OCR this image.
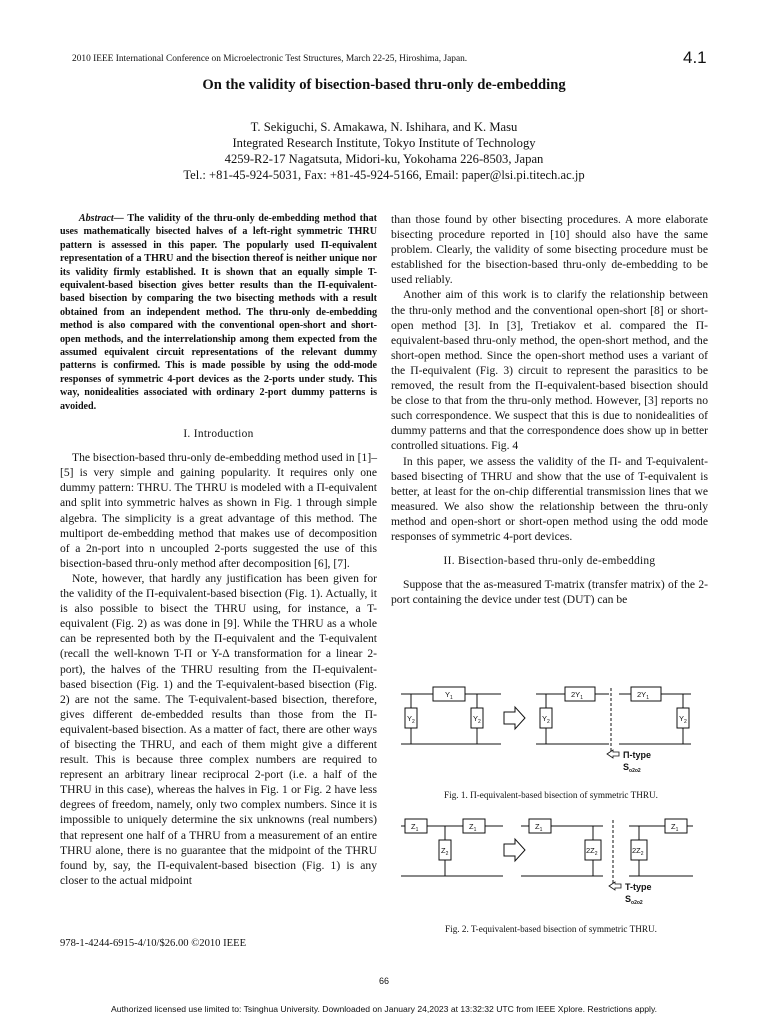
2010 IEEE International Conference on Microelectronic Test Structures, March 22-25, Hiroshima, Japan.	4.1
On the validity of bisection-based thru-only de-embedding
T. Sekiguchi, S. Amakawa, N. Ishihara, and K. Masu
Integrated Research Institute, Tokyo Institute of Technology
4259-R2-17 Nagatsuta, Midori-ku, Yokohama 226-8503, Japan
Tel.: +81-45-924-5031, Fax: +81-45-924-5166, Email: paper@lsi.pi.titech.ac.jp
Abstract— The validity of the thru-only de-embedding method that uses mathematically bisected halves of a left-right symmetric THRU pattern is assessed in this paper. The popularly used Π-equivalent representation of a THRU and the bisection thereof is neither unique nor its validity firmly established. It is shown that an equally simple T-equivalent-based bisection gives better results than the Π-equivalent-based bisection by comparing the two bisecting methods with a result obtained from an independent method. The thru-only de-embedding method is also compared with the conventional open-short and short-open methods, and the interrelationship among them expected from the assumed equivalent circuit representations of the relevant dummy patterns is confirmed. This is made possible by using the odd-mode responses of symmetric 4-port devices as the 2-ports under study. This way, nonidealities associated with ordinary 2-port dummy patterns is avoided.
I. Introduction

The bisection-based thru-only de-embedding method used in [1]–[5] is very simple and gaining popularity. It requires only one dummy pattern: THRU. The THRU is modeled with a Π-equivalent and split into symmetric halves as shown in Fig. 1 through simple algebra. The simplicity is a great advantage of this method. The multiport de-embedding method that makes use of decomposition of a 2n-port into n uncoupled 2-ports suggested the use of this bisection-based thru-only method after decomposition [6], [7].

Note, however, that hardly any justification has been given for the validity of the Π-equivalent-based bisection (Fig. 1). Actually, it is also possible to bisect the THRU using, for instance, a T-equivalent (Fig. 2) as was done in [9]. While the THRU as a whole can be represented both by the Π-equivalent and the T-equivalent (recall the well-known T-Π or Y-Δ transformation for a linear 2-port), the halves of the THRU resulting from the Π-equivalent-based bisection (Fig. 1) and the T-equivalent-based bisection (Fig. 2) are not the same. The T-equivalent-based bisection, therefore, gives different de-embedded results than those from the Π-equivalent-based bisection. As a matter of fact, there are other ways of bisecting the THRU, and each of them might give a different result. This is because three complex numbers are required to represent an arbitrary linear reciprocal 2-port (i.e. a half of the THRU in this case), whereas the halves in Fig. 1 or Fig. 2 have less degrees of freedom, namely, only two complex numbers. Since it is impossible to uniquely determine the six unknowns (real numbers) that represent one half of a THRU from a measurement of an entire THRU alone, there is no guarantee that the midpoint of the THRU found by, say, the Π-equivalent-based bisection (Fig. 1) is any closer to the actual midpoint

than those found by other bisecting procedures. A more elaborate bisecting procedure reported in [10] should also have the same problem. Clearly, the validity of some bisecting procedure must be established for the bisection-based thru-only de-embedding to be used reliably.

Another aim of this work is to clarify the relationship between the thru-only method and the conventional open-short [8] or short-open method [3]. In [3], Tretiakov et al. compared the Π-equivalent-based thru-only method, the open-short method, and the short-open method. Since the open-short method uses a variant of the Π-equivalent (Fig. 3) circuit to represent the parasitics to be removed, the result from the Π-equivalent-based bisection should be close to that from the thru-only method. However, [3] reports no such correspondence. We suspect that this is due to nonidealities of dummy patterns and that the correspondence does show up in better controlled situations. Fig. 4

In this paper, we assess the validity of the Π- and T-equivalent-based bisecting of THRU and show that the use of T-equivalent is better, at least for the on-chip differential transmission lines that we measured. We also show the relationship between the thru-only method and open-short or short-open method using the odd mode responses of symmetric 4-port devices.

II. Bisection-based thru-only de-embedding

Suppose that the as-measured T-matrix (transfer matrix) of the 2-port containing the device under test (DUT) can be

$Y_1$
$Y_2$	$Y_2$
$2Y_1$
$Y_2$
$2Y_1$
$Y_2$
Π-type
$S_{o2o2}$
Fig. 1. Π-equivalent-based bisection of symmetric THRU.
$Z_1$	$Z_1$
$Z_2$
$Z_1$
$2Z_2$
$Z_1$
$2Z_2$
T-type
$S_{o2o2}$
Fig. 2. T-equivalent-based bisection of symmetric THRU.
978-1-4244-6915-4/10/$26.00 ©2010 IEEE
66
Authorized licensed use limited to: Tsinghua University. Downloaded on January 24,2023 at 13:32:32 UTC from IEEE Xplore. Restrictions apply.
